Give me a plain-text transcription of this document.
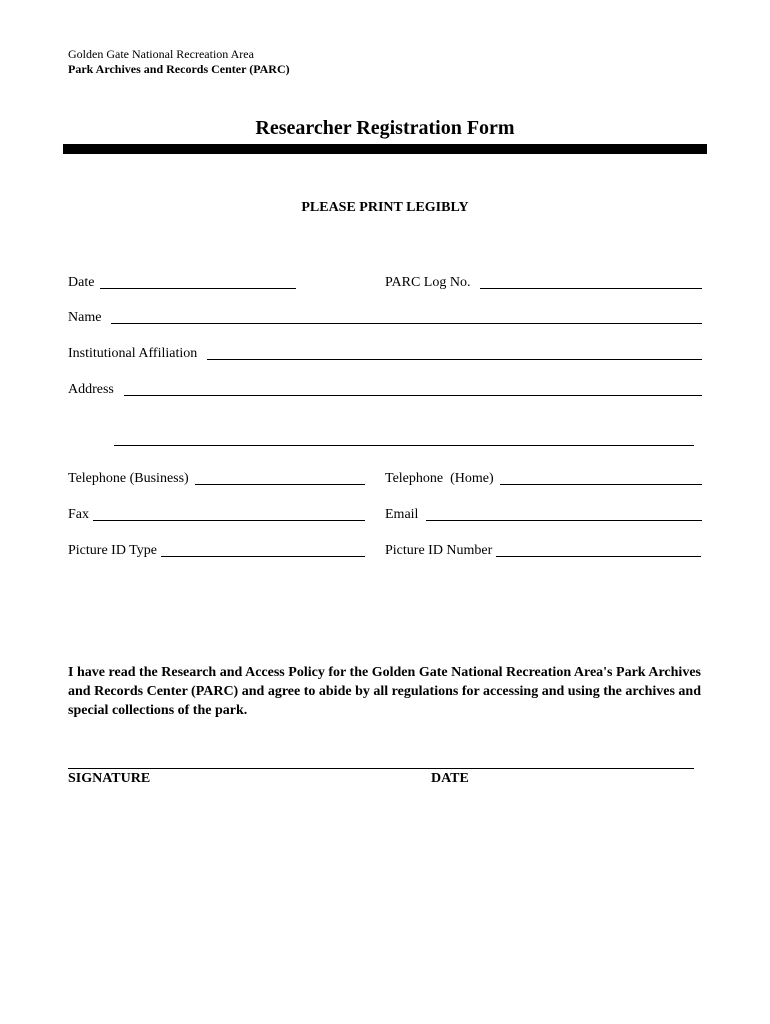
Golden Gate National Recreation Area
Park Archives and Records Center (PARC)
Researcher Registration Form
PLEASE PRINT LEGIBLY
Date	PARC Log No.
Name
Institutional Affiliation
Address
Telephone (Business)	Telephone  (Home)
Fax	Email
Picture ID Type	Picture ID Number
I have read the Research and Access Policy for the Golden Gate National Recreation Area's Park Archives and Records Center (PARC) and agree to abide by all regulations for accessing and using the archives and special collections of the park.
SIGNATURE	DATE
